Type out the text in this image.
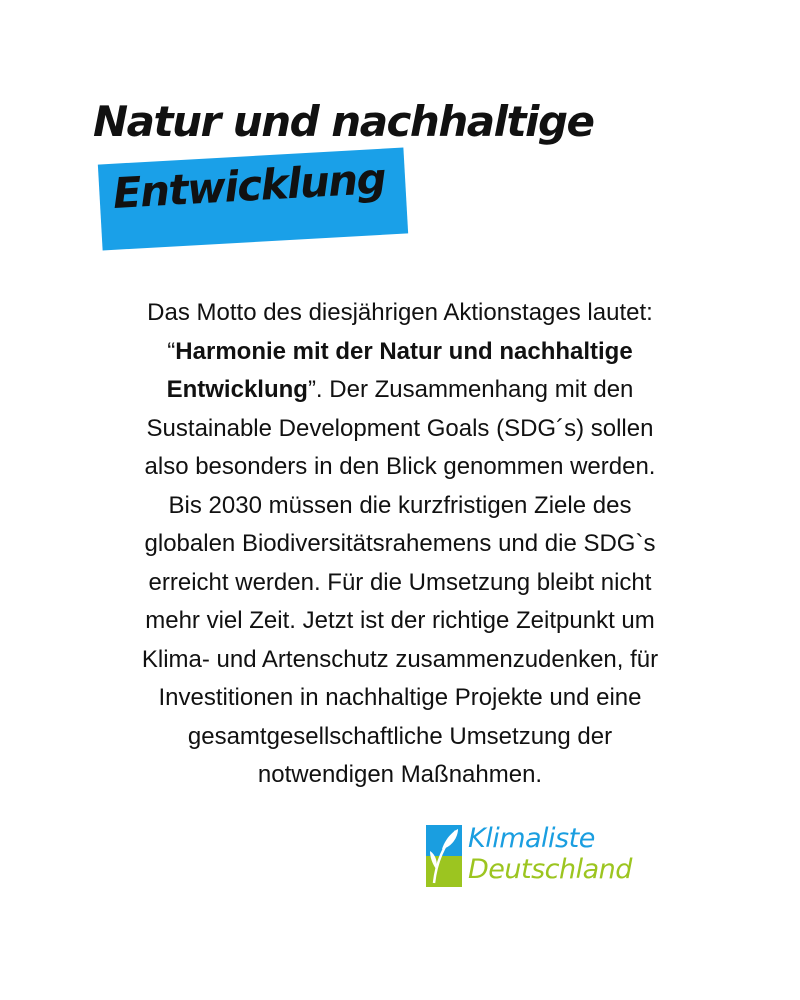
Natur und nachhaltige
Entwicklung
Das Motto des diesjährigen Aktionstages lautet:
“Harmonie mit der Natur und nachhaltige
Entwicklung”. Der Zusammenhang mit den
Sustainable Development Goals (SDG´s) sollen
also besonders in den Blick genommen werden.
Bis 2030 müssen die kurzfristigen Ziele des
globalen Biodiversitätsrahemens und die SDG`s
erreicht werden. Für die Umsetzung bleibt nicht
mehr viel Zeit. Jetzt ist der richtige Zeitpunkt um
Klima- und Artenschutz zusammenzudenken, für
Investitionen in nachhaltige Projekte und eine
gesamtgesellschaftliche Umsetzung der
notwendigen Maßnahmen.
Klimaliste
Deutschland
